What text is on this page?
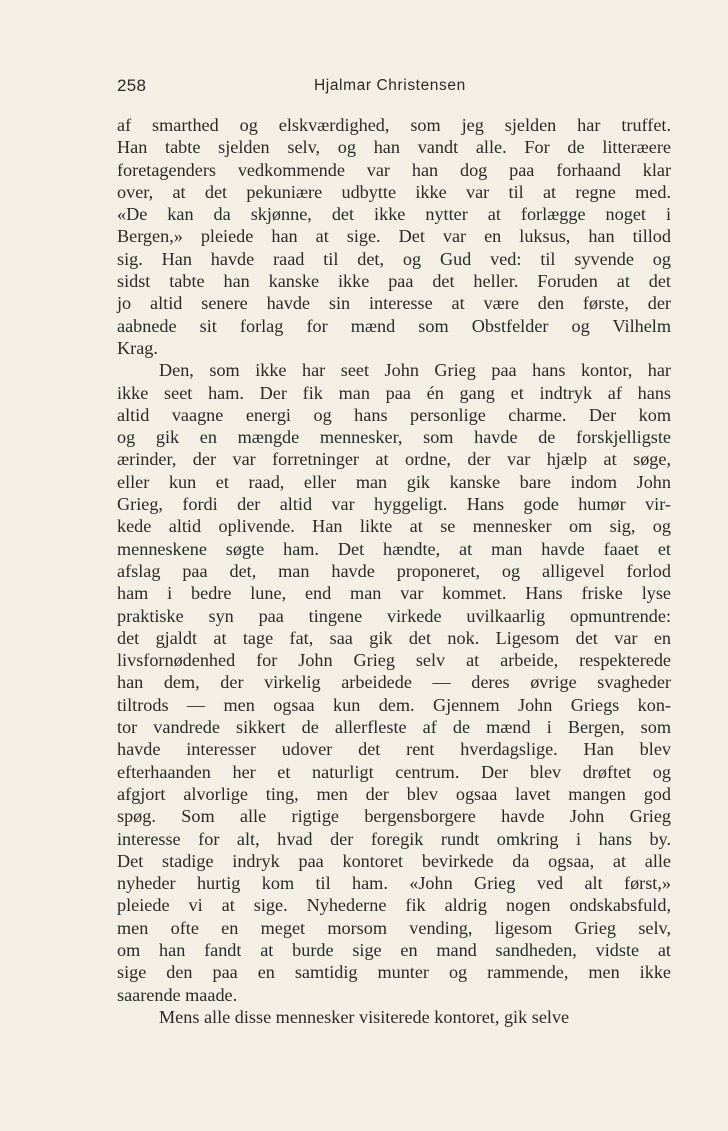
258	Hjalmar Christensen
af smarthed og elskværdighed, som jeg sjelden har truffet.
Han tabte sjelden selv, og han vandt alle. For de litteræere
foretagenders vedkommende var han dog paa forhaand klar
over, at det pekuniære udbytte ikke var til at regne med.
«De kan da skjønne, det ikke nytter at forlægge noget i
Bergen,» pleiede han at sige. Det var en luksus, han tillod
sig. Han havde raad til det, og Gud ved: til syvende og
sidst tabte han kanske ikke paa det heller. Foruden at det
jo altid senere havde sin interesse at være den første, der
aabnede sit forlag for mænd som Obstfelder og Vilhelm
Krag.
Den, som ikke har seet John Grieg paa hans kontor, har
ikke seet ham. Der fik man paa én gang et indtryk af hans
altid vaagne energi og hans personlige charme. Der kom
og gik en mængde mennesker, som havde de forskjelligste
ærinder, der var forretninger at ordne, der var hjælp at søge,
eller kun et raad, eller man gik kanske bare indom John
Grieg, fordi der altid var hyggeligt. Hans gode humør vir-
kede altid oplivende. Han likte at se mennesker om sig, og
menneskene søgte ham. Det hændte, at man havde faaet et
afslag paa det, man havde proponeret, og alligevel forlod
ham i bedre lune, end man var kommet. Hans friske lyse
praktiske syn paa tingene virkede uvilkaarlig opmuntrende:
det gjaldt at tage fat, saa gik det nok. Ligesom det var en
livsfornødenhed for John Grieg selv at arbeide, respekterede
han dem, der virkelig arbeidede — deres øvrige svagheder
tiltrods — men ogsaa kun dem. Gjennem John Griegs kon-
tor vandrede sikkert de allerfleste af de mænd i Bergen, som
havde interesser udover det rent hverdagslige. Han blev
efterhaanden her et naturligt centrum. Der blev drøftet og
afgjort alvorlige ting, men der blev ogsaa lavet mangen god
spøg. Som alle rigtige bergensborgere havde John Grieg
interesse for alt, hvad der foregik rundt omkring i hans by.
Det stadige indryk paa kontoret bevirkede da ogsaa, at alle
nyheder hurtig kom til ham. «John Grieg ved alt først,»
pleiede vi at sige. Nyhederne fik aldrig nogen ondskabsfuld,
men ofte en meget morsom vending, ligesom Grieg selv,
om han fandt at burde sige en mand sandheden, vidste at
sige den paa en samtidig munter og rammende, men ikke
saarende maade.
Mens alle disse mennesker visiterede kontoret, gik selve
